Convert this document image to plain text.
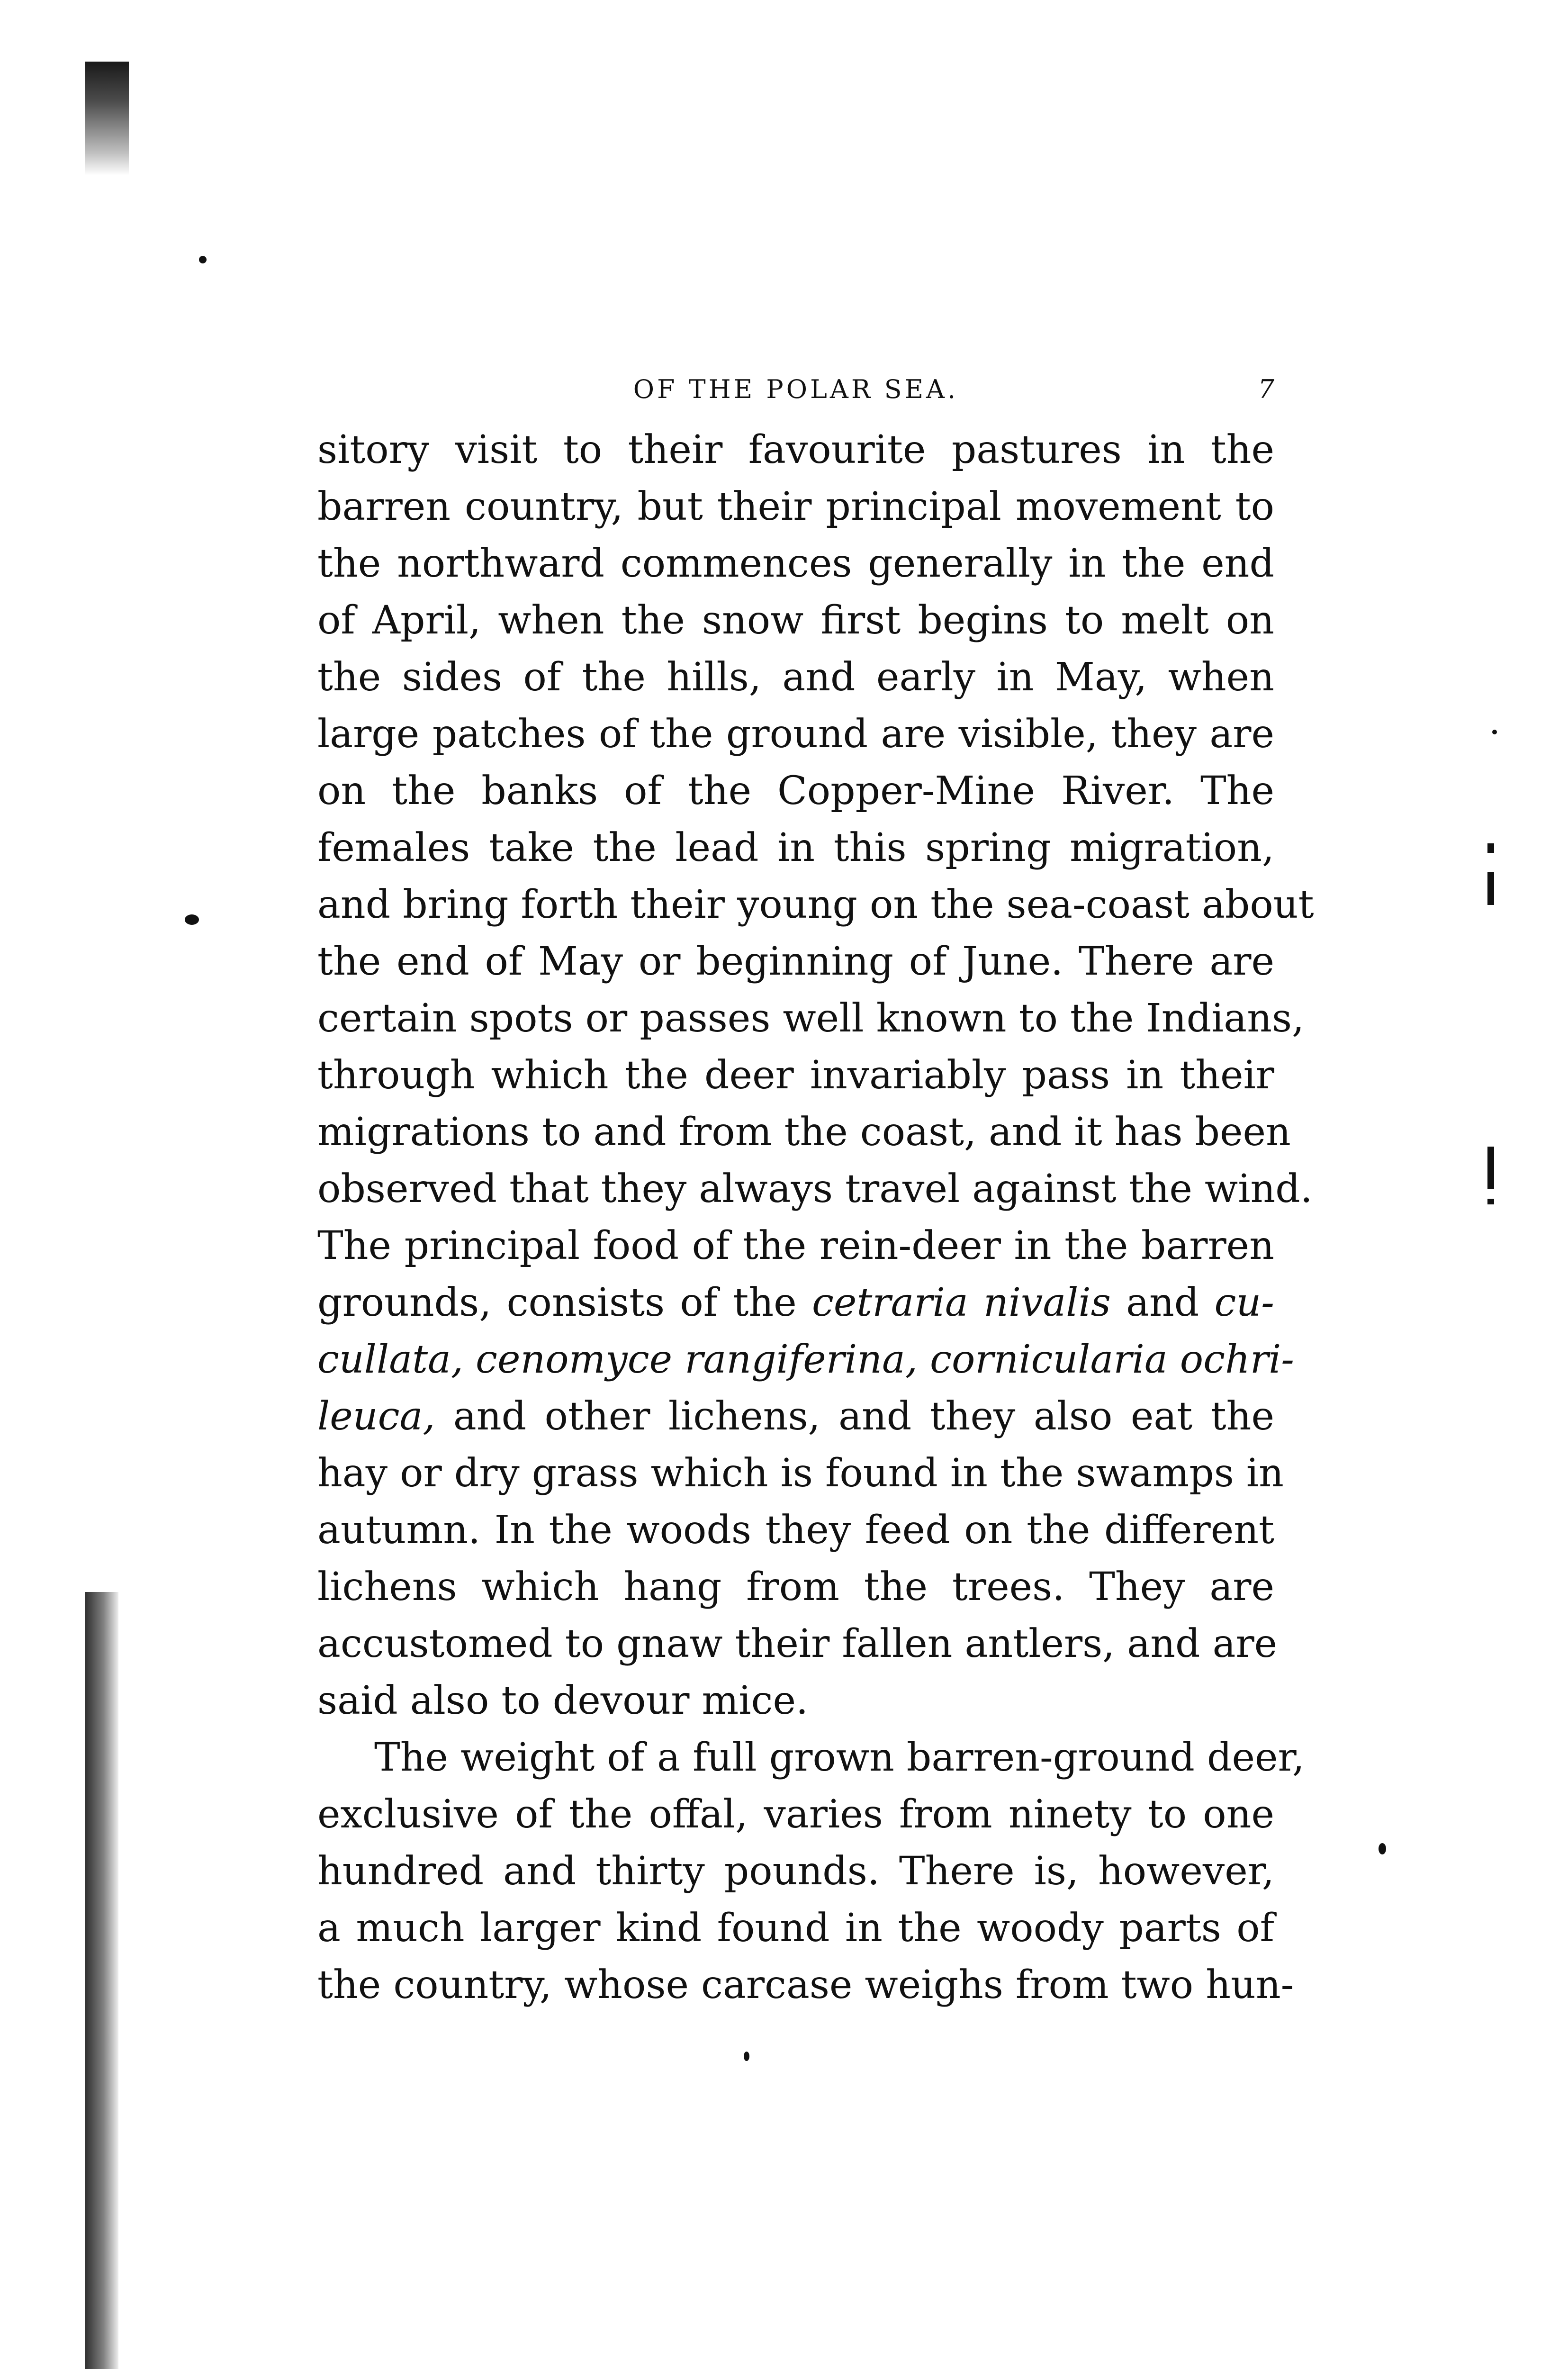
OF THE POLAR SEA.	7
sitory visit to their favourite pastures in the
barren country, but their principal movement to
the northward commences generally in the end
of April, when the snow first begins to melt on
the sides of the hills, and early in May, when
large patches of the ground are visible, they are
on the banks of the Copper-Mine River. The
females take the lead in this spring migration,
and bring forth their young on the sea-coast about
the end of May or beginning of June. There are
certain spots or passes well known to the Indians,
through which the deer invariably pass in their
migrations to and from the coast, and it has been
observed that they always travel against the wind.
The principal food of the rein-deer in the barren
grounds, consists of the cetraria nivalis and cu-
cullata, cenomyce rangiferina, cornicularia ochri-
leuca, and other lichens, and they also eat the
hay or dry grass which is found in the swamps in
autumn. In the woods they feed on the different
lichens which hang from the trees. They are
accustomed to gnaw their fallen antlers, and are
said also to devour mice.
The weight of a full grown barren-ground deer,
exclusive of the offal, varies from ninety to one
hundred and thirty pounds. There is, however,
a much larger kind found in the woody parts of
the country, whose carcase weighs from two hun-
